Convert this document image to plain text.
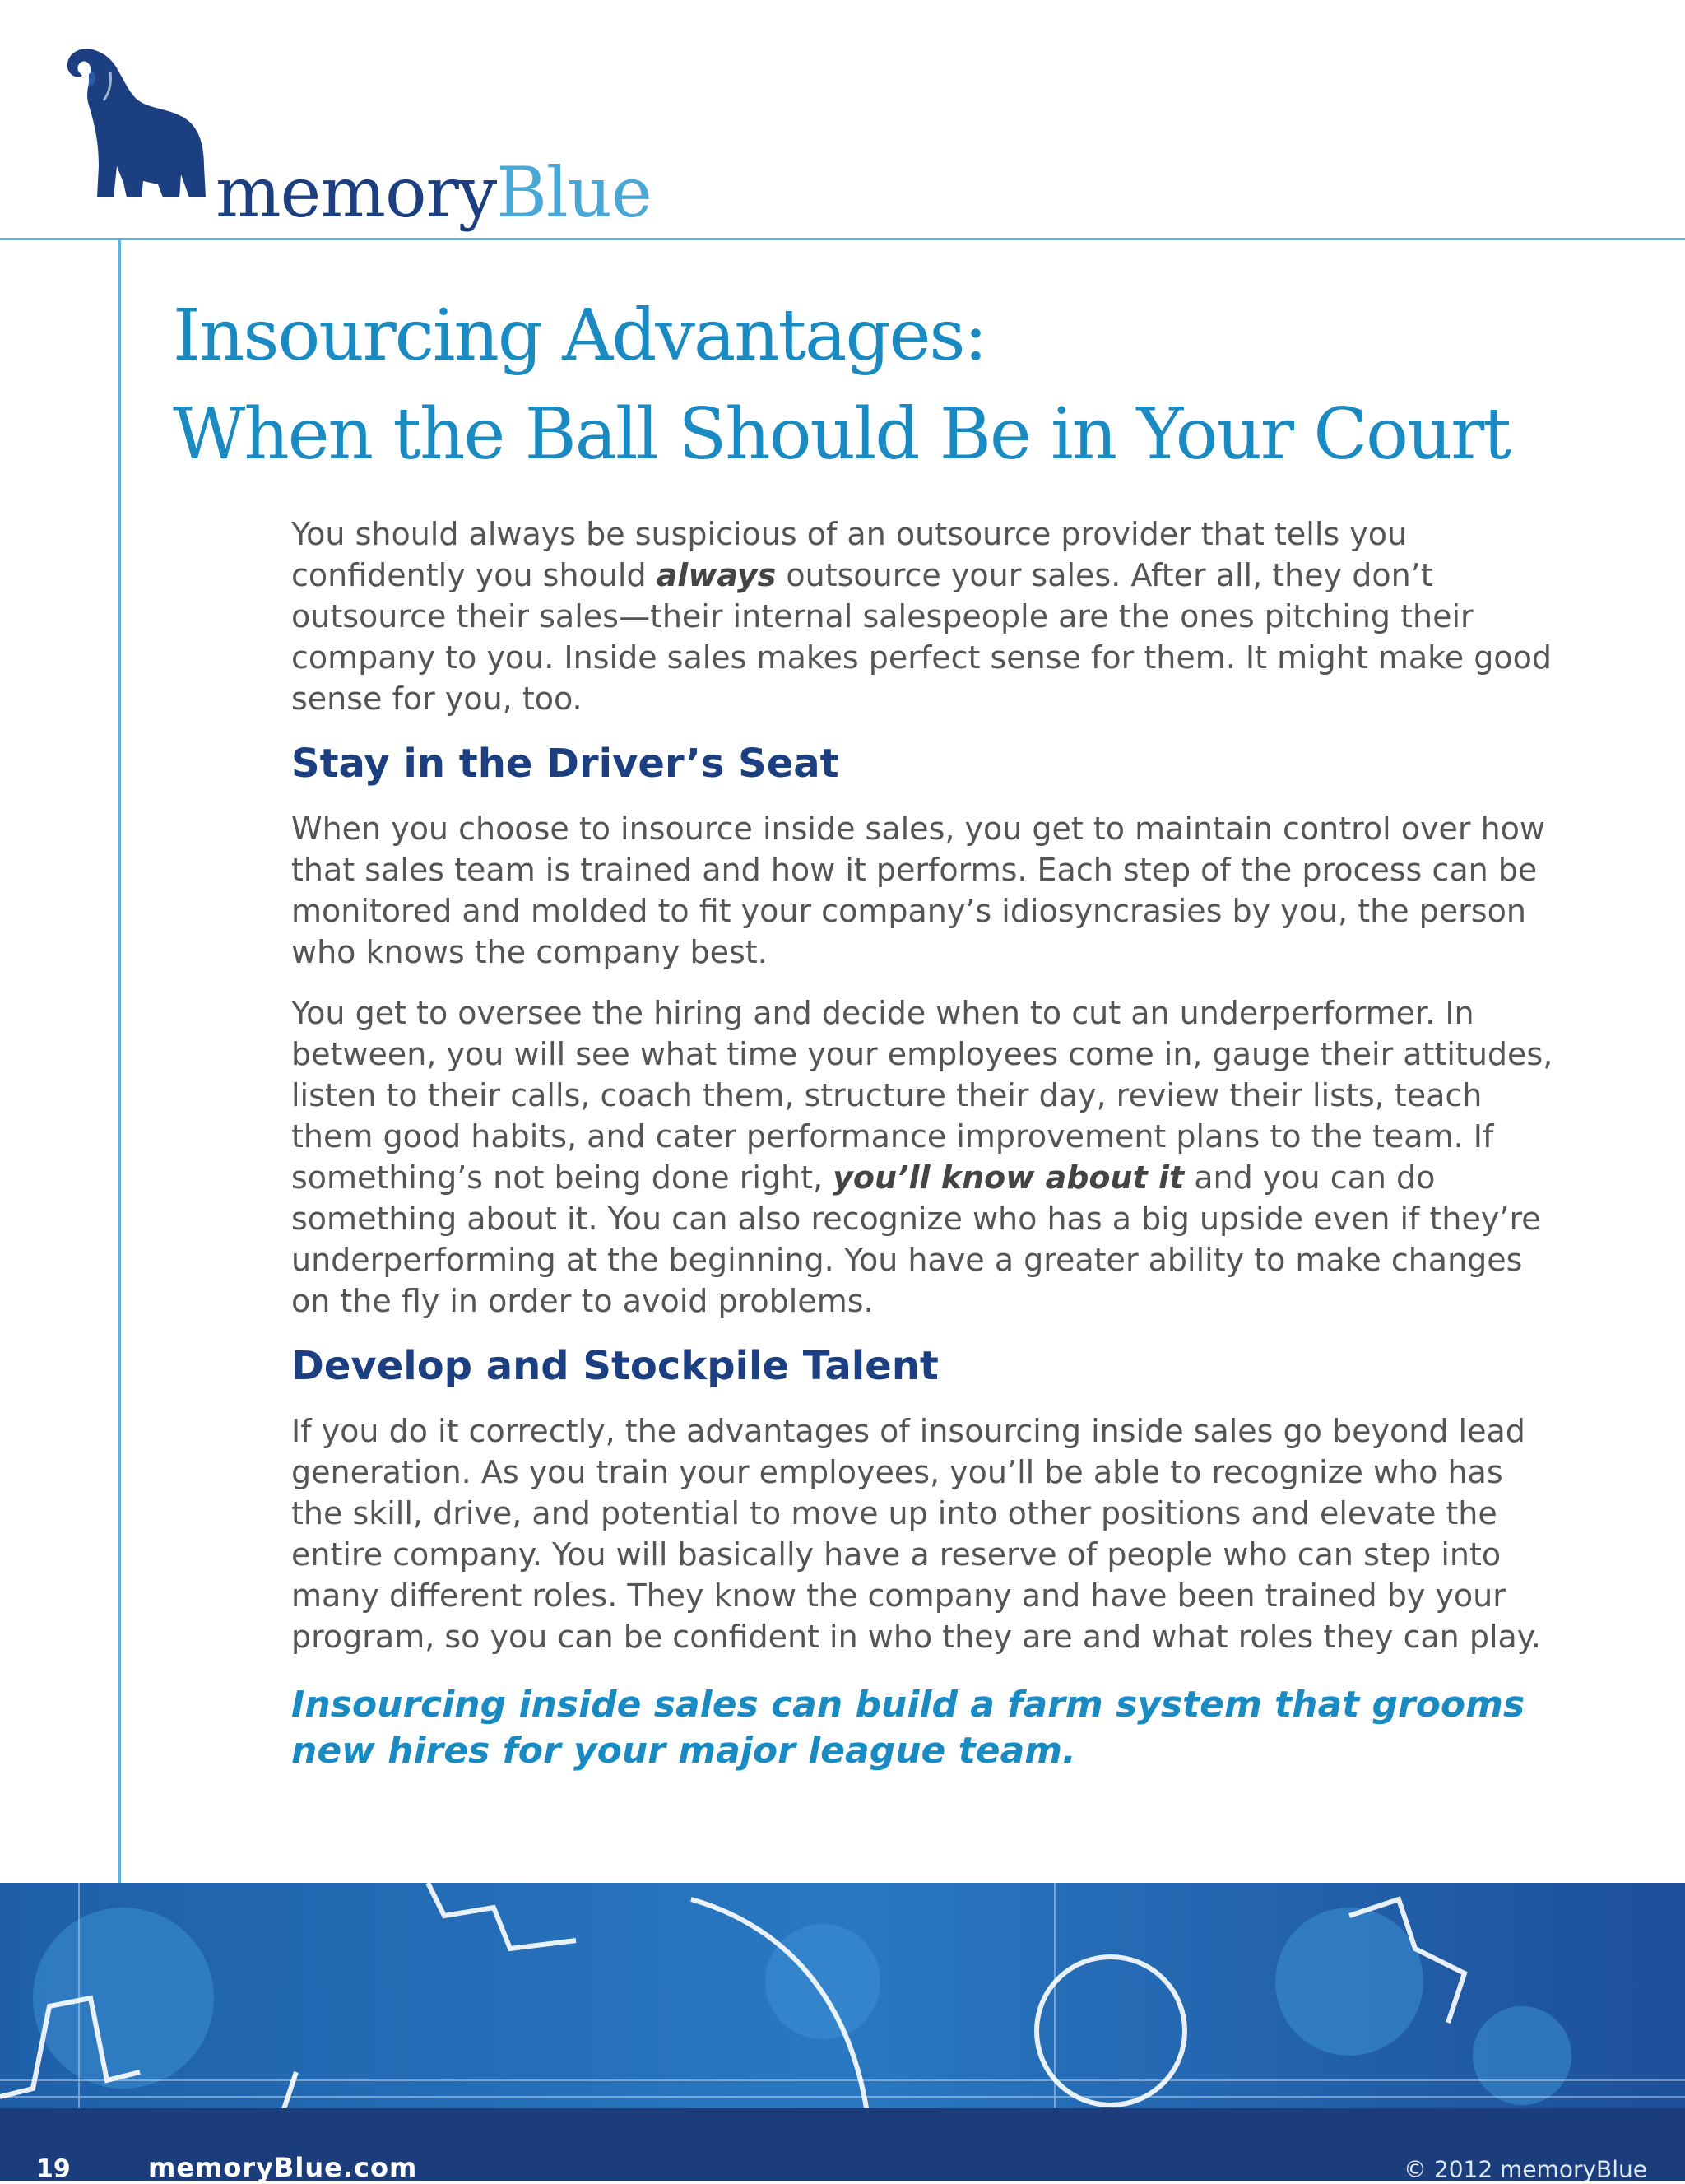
memoryBlue
Insourcing Advantages:
When the Ball Should Be in Your Court

You should always be suspicious of an outsource provider that tells you confidently you should always outsource your sales. After all, they don’t outsource their sales—their internal salespeople are the ones pitching their company to you. Inside sales makes perfect sense for them. It might make good sense for you, too.

Stay in the Driver’s Seat

When you choose to insource inside sales, you get to maintain control over how that sales team is trained and how it performs. Each step of the process can be monitored and molded to fit your company’s idiosyncrasies by you, the person who knows the company best.

You get to oversee the hiring and decide when to cut an underperformer. In between, you will see what time your employees come in, gauge their attitudes, listen to their calls, coach them, structure their day, review their lists, teach them good habits, and cater performance improvement plans to the team. If something’s not being done right, you’ll know about it and you can do something about it. You can also recognize who has a big upside even if they’re underperforming at the beginning. You have a greater ability to make changes on the fly in order to avoid problems.

Develop and Stockpile Talent

If you do it correctly, the advantages of insourcing inside sales go beyond lead generation. As you train your employees, you’ll be able to recognize who has the skill, drive, and potential to move up into other positions and elevate the entire company. You will basically have a reserve of people who can step into many different roles. They know the company and have been trained by your program, so you can be confident in who they are and what roles they can play.

Insourcing inside sales can build a farm system that grooms new hires for your major league team.
19	memoryBlue.com	© 2012 memoryBlue
